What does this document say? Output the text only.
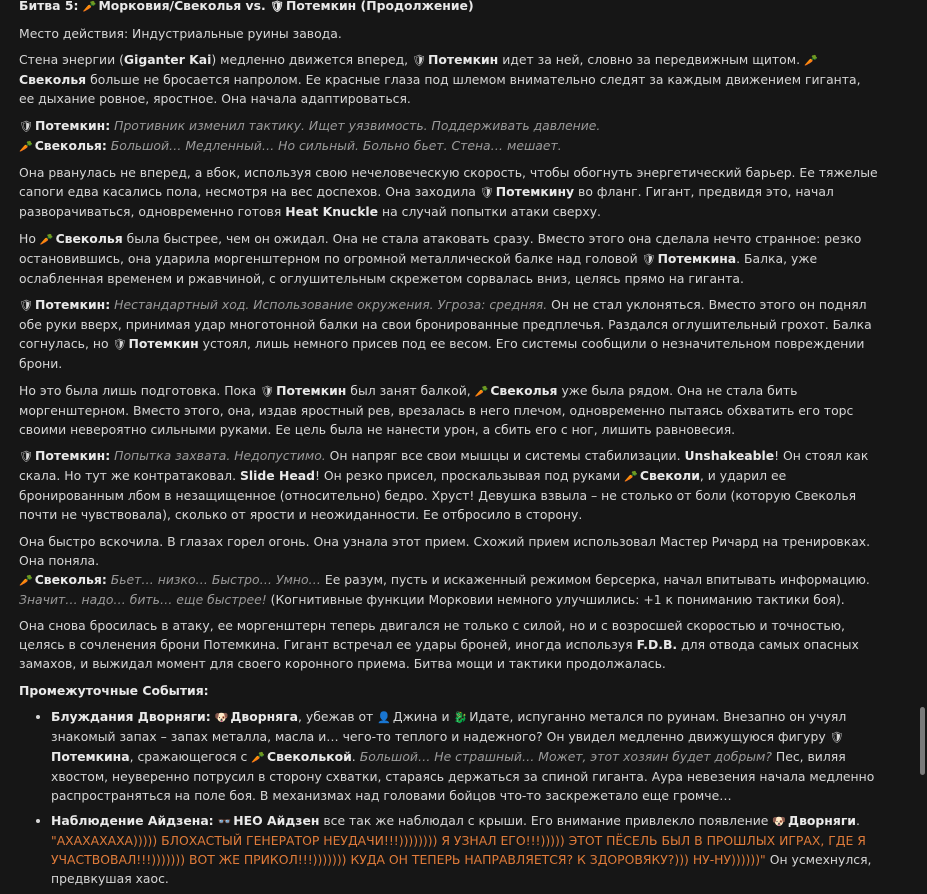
Битва 5: 🥕 Морковия/Свеколья vs. 🛡 Потемкин (Продолжение)

Место действия: Индустриальные руины завода.

Стена энергии (Giganter Kai) медленно движется вперед, 🛡 Потемкин идет за ней, словно за передвижным щитом. 🥕Свеколья больше не бросается напролом. Ее красные глаза под шлемом внимательно следят за каждым движением гиганта, ее дыхание ровное, яростное. Она начала адаптироваться.

🛡 Потемкин: Противник изменил тактику. Ищет уязвимость. Поддерживать давление.
🥕 Свеколья: Большой… Медленный… Но сильный. Больно бьет. Стена… мешает.

Она рванулась не вперед, а вбок, используя свою нечеловеческую скорость, чтобы обогнуть энергетический барьер. Ее тяжелые сапоги едва касались пола, несмотря на вес доспехов. Она заходила 🛡 Потемкину во фланг. Гигант, предвидя это, начал разворачиваться, одновременно готовя Heat Knuckle на случай попытки атаки сверху.

Но 🥕 Свеколья была быстрее, чем он ожидал. Она не стала атаковать сразу. Вместо этого она сделала нечто странное: резко остановившись, она ударила моргенштерном по огромной металлической балке над головой 🛡 Потемкина. Балка, уже ослабленная временем и ржавчиной, с оглушительным скрежетом сорвалась вниз, целясь прямо на гиганта.

🛡 Потемкин: Нестандартный ход. Использование окружения. Угроза: средняя. Он не стал уклоняться. Вместо этого он поднял обе руки вверх, принимая удар многотонной балки на свои бронированные предплечья. Раздался оглушительный грохот. Балка согнулась, но 🛡 Потемкин устоял, лишь немного присев под ее весом. Его системы сообщили о незначительном повреждении брони.

Но это была лишь подготовка. Пока 🛡 Потемкин был занят балкой, 🥕 Свеколья уже была рядом. Она не стала бить моргенштерном. Вместо этого, она, издав яростный рев, врезалась в него плечом, одновременно пытаясь обхватить его торс своими невероятно сильными руками. Ее цель была не нанести урон, а сбить его с ног, лишить равновесия.

🛡 Потемкин: Попытка захвата. Недопустимо. Он напряг все свои мышцы и системы стабилизации. Unshakeable! Он стоял как скала. Но тут же контратаковал. Slide Head! Он резко присел, проскальзывая под руками 🥕 Свеколи, и ударил ее бронированным лбом в незащищенное (относительно) бедро. Хруст! Девушка взвыла – не столько от боли (которую Свеколья почти не чувствовала), сколько от ярости и неожиданности. Ее отбросило в сторону.

Она быстро вскочила. В глазах горел огонь. Она узнала этот прием. Схожий прием использовал Мастер Ричард на тренировках. Она поняла.
🥕 Свеколья: Бьет… низко… Быстро… Умно… Ее разум, пусть и искаженный режимом берсерка, начал впитывать информацию. Значит… надо… бить… еще быстрее! (Когнитивные функции Морковии немного улучшились: +1 к пониманию тактики боя).

Она снова бросилась в атаку, ее моргенштерн теперь двигался не только с силой, но и с возросшей скоростью и точностью, целясь в сочленения брони Потемкина. Гигант встречал ее удары броней, иногда используя F.D.B. для отвода самых опасных замахов, и выжидал момент для своего коронного приема. Битва мощи и тактики продолжалась.

Промежуточные События:

• Блуждания Дворняги: 🐶 Дворняга, убежав от 👤 Джина и 🐉 Идате, испуганно метался по руинам. Внезапно он учуял знакомый запах – запах металла, масла и… чего-то теплого и надежного? Он увидел медленно движущуюся фигуру 🛡Потемкина, сражающегося с 🥕 Свеколькой. Большой… Не страшный… Может, этот хозяин будет добрым? Пес, виляя хвостом, неуверенно потрусил в сторону схватки, стараясь держаться за спиной гиганта. Аура невезения начала медленно распространяться на поле боя. В механизмах над головами бойцов что-то заскрежетало еще громче…
• Наблюдение Айдзена: 👓 НЕО Айдзен все так же наблюдал с крыши. Его внимание привлекло появление 🐶 Дворняги. "АХАХАХАХА))))) БЛОХАСТЫЙ ГЕНЕРАТОР НЕУДАЧИ!!!)))))))) Я УЗНАЛ ЕГО!!!))))) ЭТОТ ПЁСЕЛЬ БЫЛ В ПРОШЛЫХ ИГРАХ, ГДЕ Я УЧАСТВОВАЛ!!!))))))) ВОТ ЖЕ ПРИКОЛ!!!))))))) КУДА ОН ТЕПЕРЬ НАПРАВЛЯЕТСЯ? К ЗДОРОВЯКУ?))) НУ-НУ))))))" Он усмехнулся, предвкушая хаос.
